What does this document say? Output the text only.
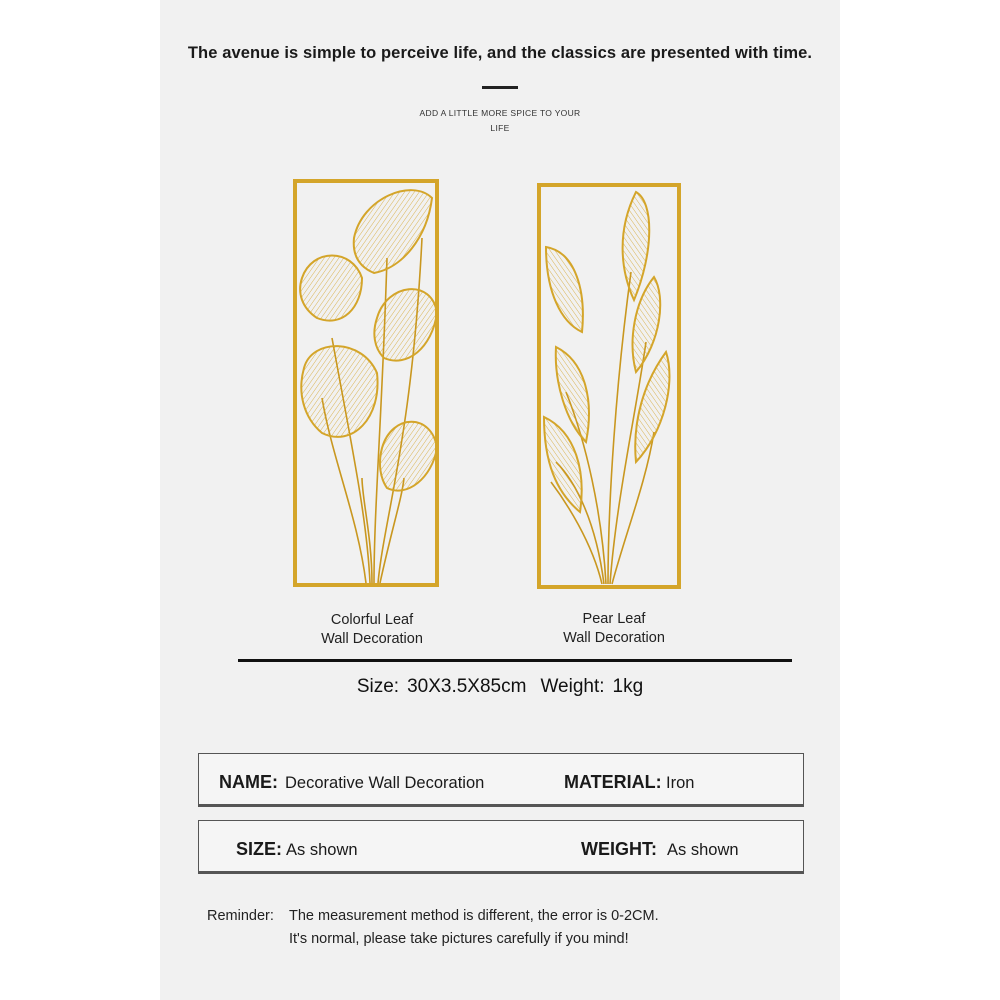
The avenue is simple to perceive life, and the classics are presented with time.
ADD A LITTLE MORE SPICE TO YOUR
LIFE
Colorful Leaf
Wall Decoration
Pear Leaf
Wall Decoration
Size: 30X3.5X85cm Weight: 1kg
NAME: Decorative Wall Decoration	MATERIAL: Iron
SIZE: As shown	WEIGHT: As shown
Reminder: The measurement method is different, the error is 0-2CM.
It's normal, please take pictures carefully if you mind!
